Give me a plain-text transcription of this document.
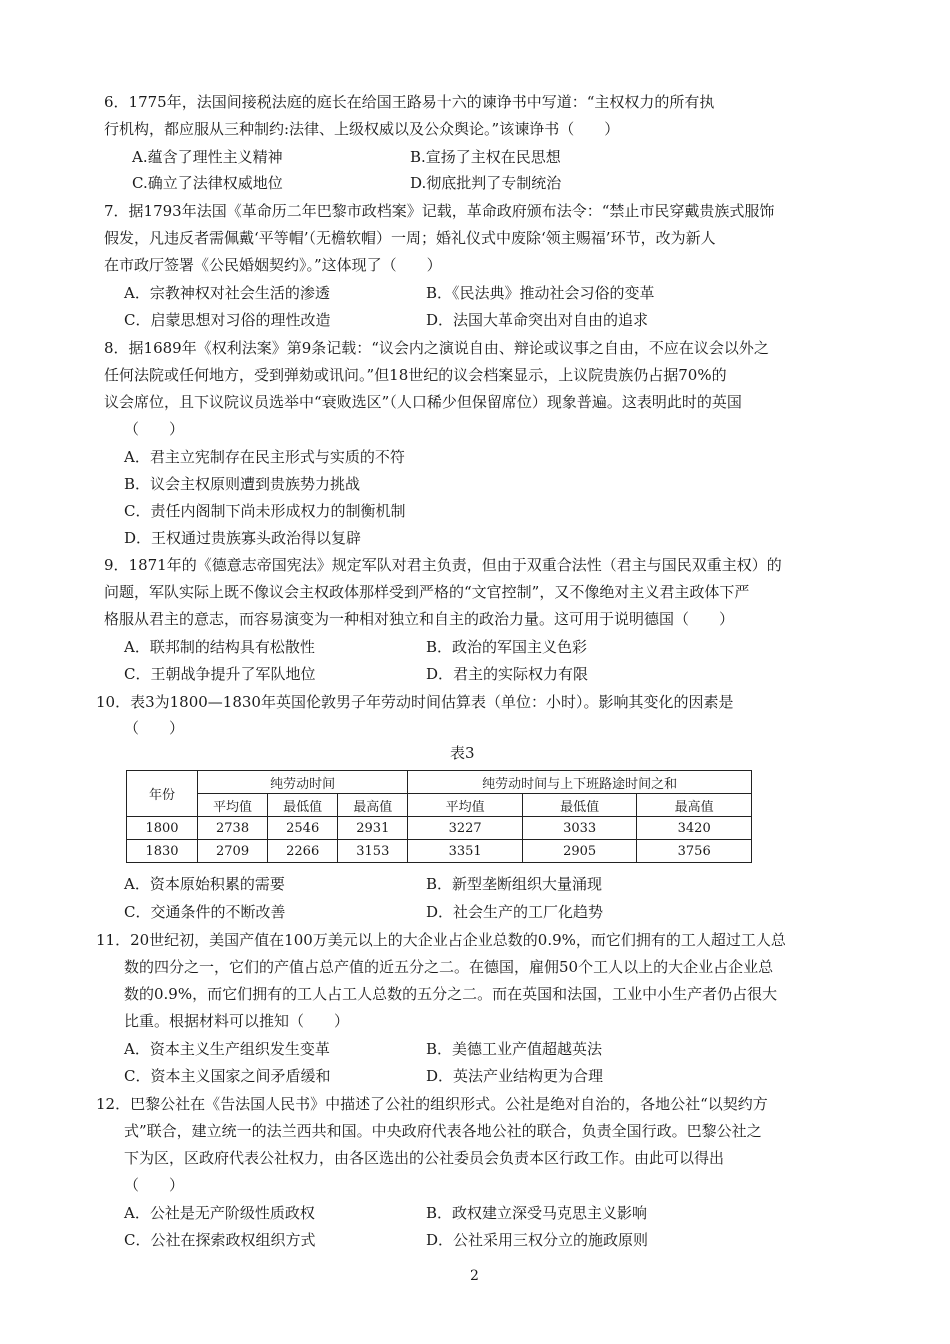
6．1775年，法国间接税法庭的庭长在给国王路易十六的谏诤书中写道：“主权权力的所有执
行机构，都应服从三种制约:法律、上级权威以及公众舆论。”该谏诤书（　　）
A.蕴含了理性主义精神	B.宣扬了主权在民思想
C.确立了法律权威地位	D.彻底批判了专制统治
7．据1793年法国《革命历二年巴黎市政档案》记载，革命政府颁布法令：“禁止市民穿戴贵族式服饰
假发，凡违反者需佩戴‘平等帽’（无檐软帽）一周；婚礼仪式中废除‘领主赐福’环节，改为新人
在市政厅签署《公民婚姻契约》。”这体现了（　　）
A．宗教神权对社会生活的渗透	B．《民法典》推动社会习俗的变革
C．启蒙思想对习俗的理性改造	D．法国大革命突出对自由的追求
8．据1689年《权利法案》第9条记载：“议会内之演说自由、辩论或议事之自由，不应在议会以外之
任何法院或任何地方，受到弹劾或讯问。”但18世纪的议会档案显示，上议院贵族仍占据70%的
议会席位，且下议院议员选举中“衰败选区”（人口稀少但保留席位）现象普遍。这表明此时的英国
（　　）
A．君主立宪制存在民主形式与实质的不符
B．议会主权原则遭到贵族势力挑战
C．责任内阁制下尚未形成权力的制衡机制
D．王权通过贵族寡头政治得以复辟
9．1871年的《德意志帝国宪法》规定军队对君主负责，但由于双重合法性（君主与国民双重主权）的
问题，军队实际上既不像议会主权政体那样受到严格的“文官控制”，又不像绝对主义君主政体下严
格服从君主的意志，而容易演变为一种相对独立和自主的政治力量。这可用于说明德国（　　）
A．联邦制的结构具有松散性	B．政治的军国主义色彩
C．王朝战争提升了军队地位	D．君主的实际权力有限
10．表3为1800—1830年英国伦敦男子年劳动时间估算表（单位：小时）。影响其变化的因素是
（　　）
表3
年份	纯劳动时间			纯劳动时间与上下班路途时间之和		
	平均值	最低值	最高值	平均值	最低值	最高值
1800	2738	2546	2931	3227	3033	3420
1830	2709	2266	3153	3351	2905	3756
A．资本原始积累的需要	B．新型垄断组织大量涌现
C．交通条件的不断改善	D．社会生产的工厂化趋势
11．20世纪初，美国产值在100万美元以上的大企业占企业总数的0.9%，而它们拥有的工人超过工人总
数的四分之一，它们的产值占总产值的近五分之二。在德国，雇佣50个工人以上的大企业占企业总
数的0.9%，而它们拥有的工人占工人总数的五分之二。而在英国和法国，工业中小生产者仍占很大
比重。根据材料可以推知（　　）
A．资本主义生产组织发生变革	B．美德工业产值超越英法
C．资本主义国家之间矛盾缓和	D．英法产业结构更为合理
12．巴黎公社在《告法国人民书》中描述了公社的组织形式。公社是绝对自治的，各地公社“以契约方
式”联合，建立统一的法兰西共和国。中央政府代表各地公社的联合，负责全国行政。巴黎公社之
下为区，区政府代表公社权力，由各区选出的公社委员会负责本区行政工作。由此可以得出
（　　）
A．公社是无产阶级性质政权	B．政权建立深受马克思主义影响
C．公社在探索政权组织方式	D．公社采用三权分立的施政原则
2
